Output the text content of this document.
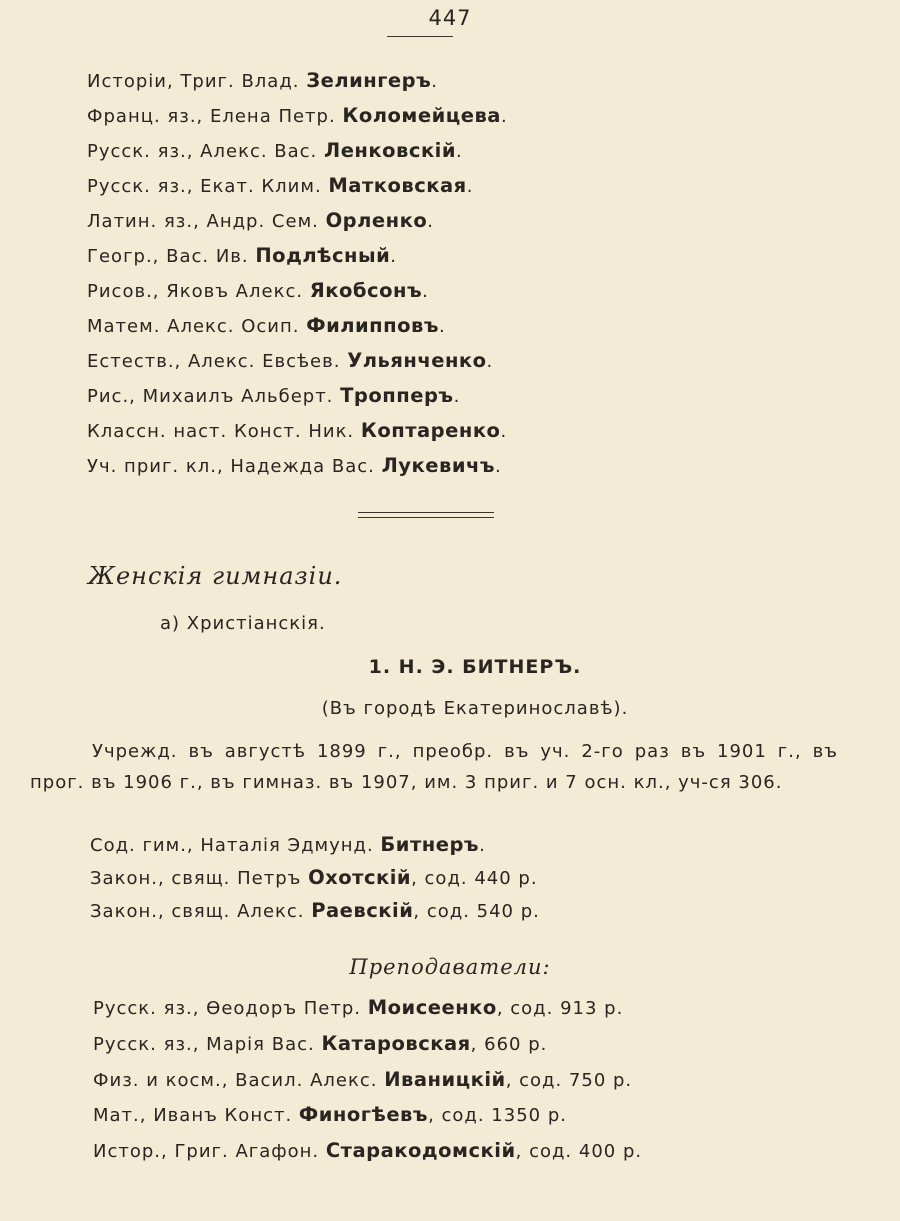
447
Исторіи, Триг. Влад. Зелингеръ.
Франц. яз., Елена Петр. Коломейцева.
Русск. яз., Алекс. Вас. Ленковскій.
Русск. яз., Екат. Клим. Матковская.
Латин. яз., Андр. Сем. Орленко.
Геогр., Вас. Ив. Подлѣсный.
Рисов., Яковъ Алекс. Якобсонъ.
Матем. Алекс. Осип. Филипповъ.
Естеств., Алекс. Евсѣев. Ульянченко.
Рис., Михаилъ Альберт. Тропперъ.
Классн. наст. Конст. Ник. Коптаренко.
Уч. приг. кл., Надежда Вас. Лукевичъ.
Женскія гимназіи.
а) Христіанскія.
1. Н. Э. БИТНЕРЪ.
(Въ городѣ Екатеринославѣ).
Учрежд. въ августѣ 1899 г., преобр. въ уч. 2-го раз въ 1901 г., въ прог. въ 1906 г., въ гимназ. въ 1907, им. 3 приг. и 7 осн. кл., уч-ся 306.
Сод. гим., Наталія Эдмунд. Битнеръ.
Закон., свящ. Петръ Охотскій, сод. 440 р.
Закон., свящ. Алекс. Раевскій, сод. 540 р.
Преподаватели:
Русск. яз., Ѳеодоръ Петр. Моисеенко, сод. 913 р.
Русск. яз., Марія Вас. Катаровская, 660 р.
Физ. и косм., Васил. Алекс. Иваницкій, сод. 750 р.
Мат., Иванъ Конст. Финогѣевъ, сод. 1350 р.
Истор., Григ. Агафон. Старакодомскій, сод. 400 р.
